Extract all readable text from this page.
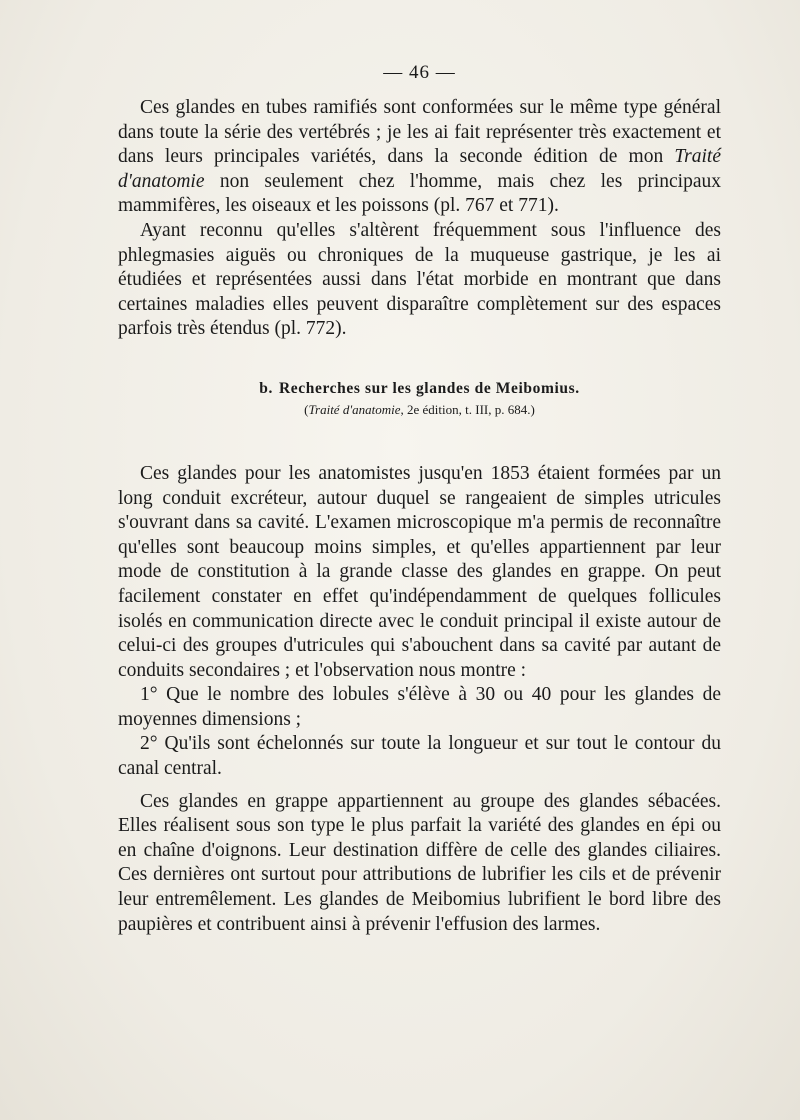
— 46 —

Ces glandes en tubes ramifiés sont conformées sur le même type général dans toute la série des vertébrés ; je les ai fait représenter très exactement et dans leurs principales variétés, dans la seconde édition de mon Traité d'anatomie non seulement chez l'homme, mais chez les principaux mammifères, les oiseaux et les poissons (pl. 767 et 771).

Ayant reconnu qu'elles s'altèrent fréquemment sous l'influence des phlegmasies aiguës ou chroniques de la muqueuse gastrique, je les ai étudiées et représentées aussi dans l'état morbide en montrant que dans certaines maladies elles peuvent disparaître complètement sur des espaces parfois très étendus (pl. 772).

b. Recherches sur les glandes de Meibomius.
(Traité d'anatomie, 2e édition, t. III, p. 684.)

Ces glandes pour les anatomistes jusqu'en 1853 étaient formées par un long conduit excréteur, autour duquel se rangeaient de simples utricules s'ouvrant dans sa cavité. L'examen microscopique m'a permis de reconnaître qu'elles sont beaucoup moins simples, et qu'elles appartiennent par leur mode de constitution à la grande classe des glandes en grappe. On peut facilement constater en effet qu'indépendamment de quelques follicules isolés en communication directe avec le conduit principal il existe autour de celui-ci des groupes d'utricules qui s'abouchent dans sa cavité par autant de conduits secondaires ; et l'observation nous montre :

1° Que le nombre des lobules s'élève à 30 ou 40 pour les glandes de moyennes dimensions ;

2° Qu'ils sont échelonnés sur toute la longueur et sur tout le contour du canal central.

Ces glandes en grappe appartiennent au groupe des glandes sébacées. Elles réalisent sous son type le plus parfait la variété des glandes en épi ou en chaîne d'oignons. Leur destination diffère de celle des glandes ciliaires. Ces dernières ont surtout pour attributions de lubrifier les cils et de prévenir leur entremêlement. Les glandes de Meibomius lubrifient le bord libre des paupières et contribuent ainsi à prévenir l'effusion des larmes.
